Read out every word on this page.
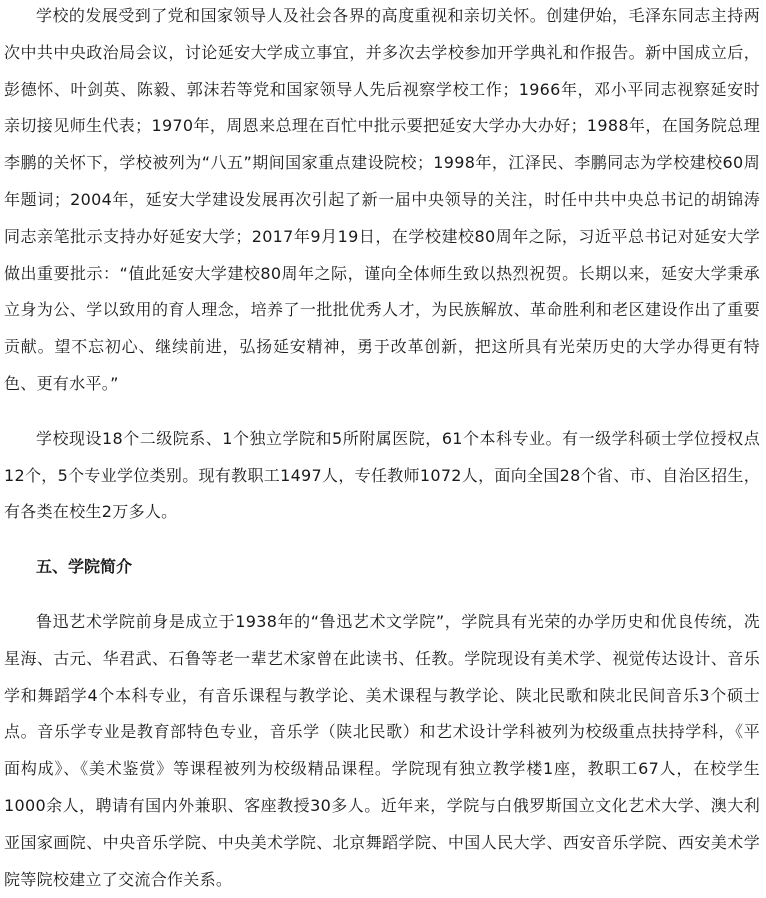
学校的发展受到了党和国家领导人及社会各界的高度重视和亲切关怀。创建伊始，毛泽东同志主持两次中共中央政治局会议，讨论延安大学成立事宜，并多次去学校参加开学典礼和作报告。新中国成立后，彭德怀、叶剑英、陈毅、郭沫若等党和国家领导人先后视察学校工作；1966年，邓小平同志视察延安时亲切接见师生代表；1970年，周恩来总理在百忙中批示要把延安大学办大办好；1988年，在国务院总理李鹏的关怀下，学校被列为“八五”期间国家重点建设院校；1998年，江泽民、李鹏同志为学校建校60周年题词；2004年，延安大学建设发展再次引起了新一届中央领导的关注，时任中共中央总书记的胡锦涛同志亲笔批示支持办好延安大学；2017年9月19日，在学校建校80周年之际，习近平总书记对延安大学做出重要批示：“值此延安大学建校80周年之际，谨向全体师生致以热烈祝贺。长期以来，延安大学秉承立身为公、学以致用的育人理念，培养了一批批优秀人才，为民族解放、革命胜利和老区建设作出了重要贡献。望不忘初心、继续前进，弘扬延安精神，勇于改革创新，把这所具有光荣历史的大学办得更有特色、更有水平。”

学校现设18个二级院系、1个独立学院和5所附属医院，61个本科专业。有一级学科硕士学位授权点12个，5个专业学位类别。现有教职工1497人，专任教师1072人，面向全国28个省、市、自治区招生，有各类在校生2万多人。

五、学院简介

鲁迅艺术学院前身是成立于1938年的“鲁迅艺术文学院”，学院具有光荣的办学历史和优良传统，冼星海、古元、华君武、石鲁等老一辈艺术家曾在此读书、任教。学院现设有美术学、视觉传达设计、音乐学和舞蹈学4个本科专业，有音乐课程与教学论、美术课程与教学论、陕北民歌和陕北民间音乐3个硕士点。音乐学专业是教育部特色专业，音乐学（陕北民歌）和艺术设计学科被列为校级重点扶持学科，《平面构成》、《美术鉴赏》等课程被列为校级精品课程。学院现有独立教学楼1座，教职工67人，在校学生1000余人，聘请有国内外兼职、客座教授30多人。近年来，学院与白俄罗斯国立文化艺术大学、澳大利亚国家画院、中央音乐学院、中央美术学院、北京舞蹈学院、中国人民大学、西安音乐学院、西安美术学院等院校建立了交流合作关系。
